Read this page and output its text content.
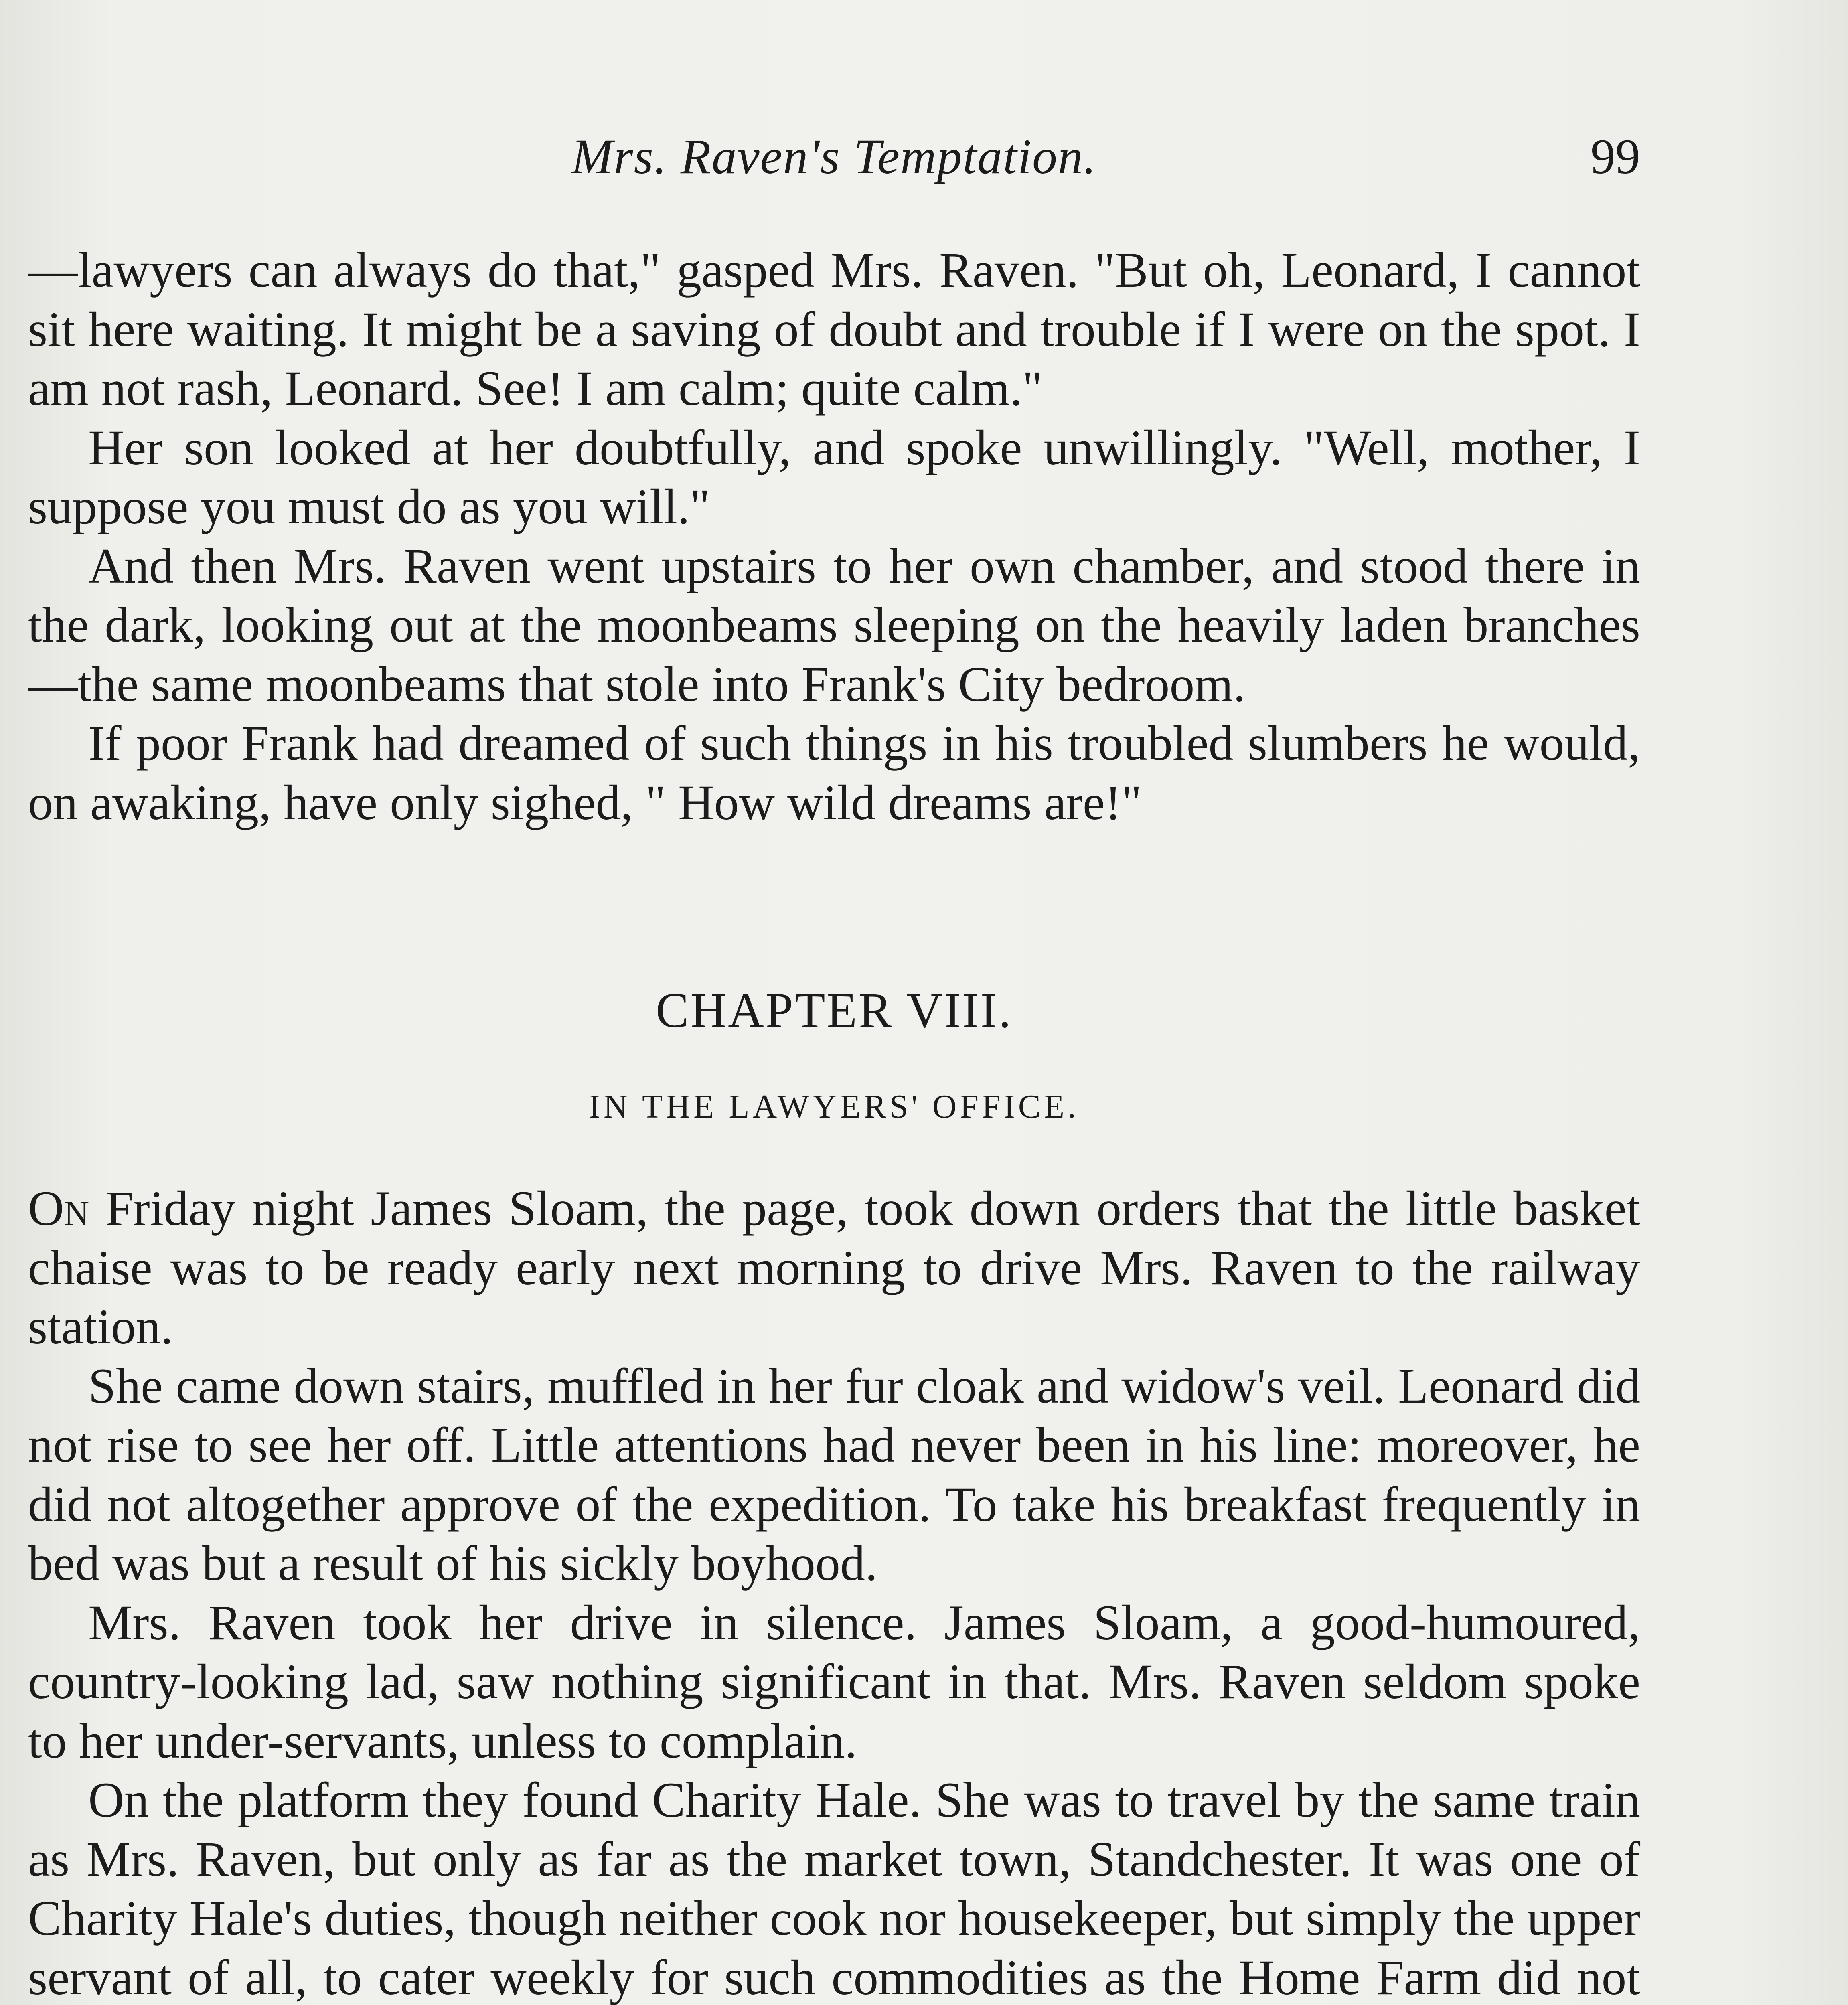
Mrs. Raven's Temptation.	99

—lawyers can always do that," gasped Mrs. Raven. "But oh, Leonard, I cannot sit here waiting. It might be a saving of doubt and trouble if I were on the spot. I am not rash, Leonard. See! I am calm; quite calm."

Her son looked at her doubtfully, and spoke unwillingly. "Well, mother, I suppose you must do as you will."

And then Mrs. Raven went upstairs to her own chamber, and stood there in the dark, looking out at the moonbeams sleeping on the heavily laden branches—the same moonbeams that stole into Frank's City bedroom.

If poor Frank had dreamed of such things in his troubled slumbers he would, on awaking, have only sighed, " How wild dreams are!"

CHAPTER VIII.
IN THE LAWYERS' OFFICE.

On Friday night James Sloam, the page, took down orders that the little basket chaise was to be ready early next morning to drive Mrs. Raven to the railway station.

She came down stairs, muffled in her fur cloak and widow's veil. Leonard did not rise to see her off. Little attentions had never been in his line: moreover, he did not altogether approve of the expedition. To take his breakfast frequently in bed was but a result of his sickly boyhood.

Mrs. Raven took her drive in silence. James Sloam, a good-humoured, country-looking lad, saw nothing significant in that. Mrs. Raven seldom spoke to her under-servants, unless to complain.

On the platform they found Charity Hale. She was to travel by the same train as Mrs. Raven, but only as far as the market town, Standchester. It was one of Charity Hale's duties, though neither cook nor housekeeper, but simply the upper servant of all, to cater weekly for such commodities as the Home Farm did not
